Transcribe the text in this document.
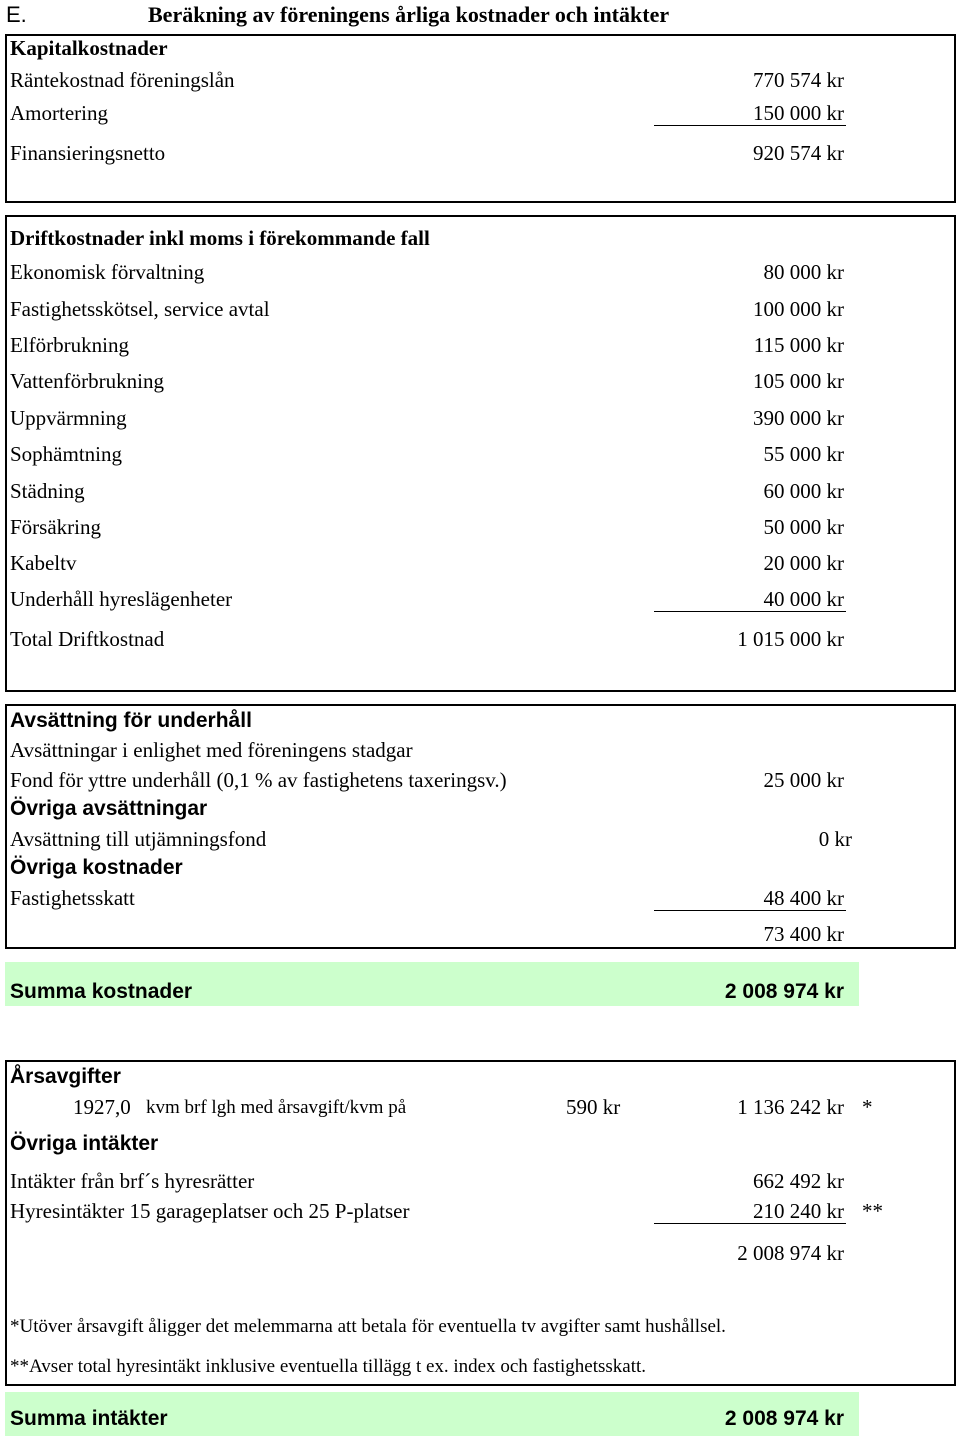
E.	Beräkning av föreningens årliga kostnader och intäkter
Kapitalkostnader
Räntekostnad föreningslån	770 574 kr
Amortering	150 000 kr
Finansieringsnetto	920 574 kr
Driftkostnader inkl moms i förekommande fall
Ekonomisk förvaltning	80 000 kr
Fastighetsskötsel, service avtal	100 000 kr
Elförbrukning	115 000 kr
Vattenförbrukning	105 000 kr
Uppvärmning	390 000 kr
Sophämtning	55 000 kr
Städning	60 000 kr
Försäkring	50 000 kr
Kabeltv	20 000 kr
Underhåll hyreslägenheter	40 000 kr
Total Driftkostnad	1 015 000 kr
Avsättning för underhåll
Avsättningar i enlighet med föreningens stadgar
Fond för yttre underhåll (0,1 % av fastighetens taxeringsv.)	25 000 kr
Övriga avsättningar
Avsättning till utjämningsfond	0 kr
Övriga kostnader
Fastighetsskatt	48 400 kr
73 400 kr
Summa kostnader	2 008 974 kr
Årsavgifter
1927,0 kvm brf lgh med årsavgift/kvm på	590 kr	1 136 242 kr *
Övriga intäkter
Intäkter från brf´s hyresrätter	662 492 kr
Hyresintäkter 15 garageplatser och 25 P-platser	210 240 kr **
2 008 974 kr
*Utöver årsavgift åligger det melemmarna att betala för eventuella tv avgifter samt hushållsel.
**Avser total hyresintäkt inklusive eventuella tillägg t ex. index och fastighetsskatt.
Summa intäkter	2 008 974 kr
